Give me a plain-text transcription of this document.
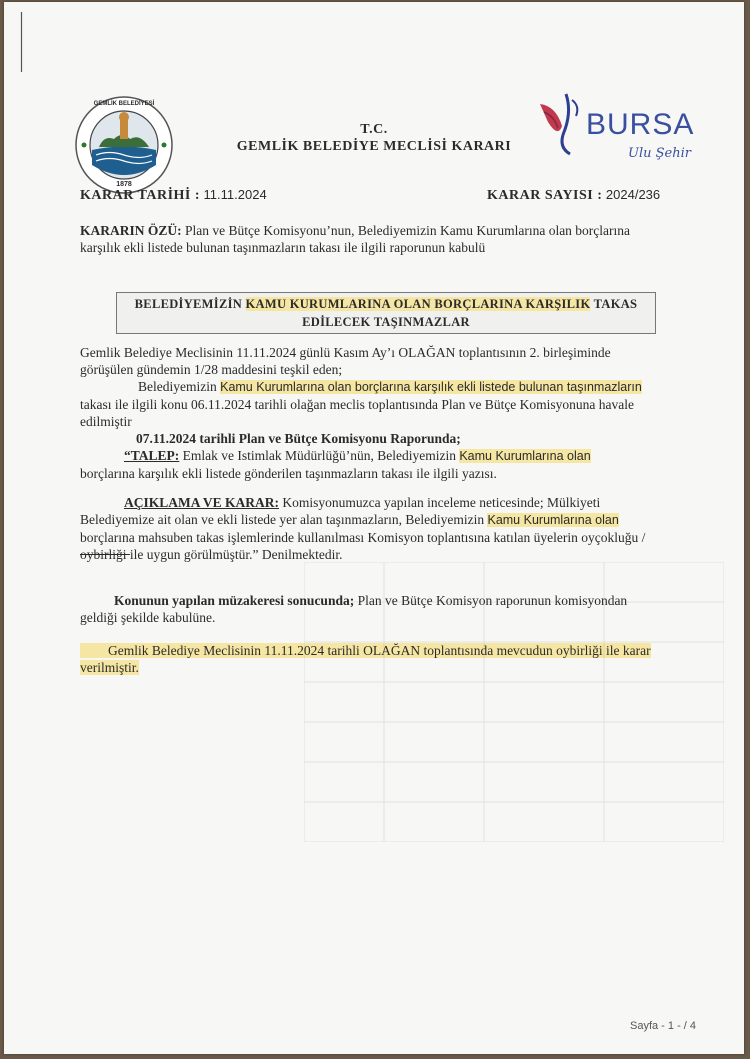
GEMLİK BELEDİYESİ
1878
BURSA
Ulu Şehir
T.C.
GEMLİK BELEDİYE MECLİSİ KARARI
KARAR TARİHİ : 11.11.2024	KARAR SAYISI : 2024/236
KARARIN ÖZÜ: Plan ve Bütçe Komisyonu’nun, Belediyemizin Kamu Kurumlarına olan borçlarına
karşılık ekli listede bulunan taşınmazların takası ile ilgili raporunun kabulü
BELEDİYEMİZİN KAMU KURUMLARINA OLAN BORÇLARINA KARŞILIK TAKAS
EDİLECEK TAŞINMAZLAR
Gemlik Belediye Meclisinin 11.11.2024 günlü Kasım Ay’ı OLAĞAN toplantısının 2. birleşiminde
görüşülen gündemin 1/28 maddesini teşkil eden;
Belediyemizin Kamu Kurumlarına olan borçlarına karşılık ekli listede bulunan taşınmazların
takası ile ilgili konu 06.11.2024 tarihli olağan meclis toplantısında Plan ve Bütçe Komisyonuna havale
edilmiştir
07.11.2024 tarihli Plan ve Bütçe Komisyonu Raporunda;
“TALEP: Emlak ve Istimlak Müdürlüğü’nün, Belediyemizin Kamu Kurumlarına olan
borçlarına karşılık ekli listede gönderilen taşınmazların takası ile ilgili yazısı.
AÇIKLAMA VE KARAR: Komisyonumuzca yapılan inceleme neticesinde; Mülkiyeti
Belediyemize ait olan ve ekli listede yer alan taşınmazların, Belediyemizin Kamu Kurumlarına olan
borçlarına mahsuben takas işlemlerinde kullanılması Komisyon toplantısına katılan üyelerin oyçokluğu /
oybirliği ile uygun görülmüştür.” Denilmektedir.
Konunun yapılan müzakeresi sonucunda; Plan ve Bütçe Komisyon raporunun komisyondan
geldiği şekilde kabulüne.
Gemlik Belediye Meclisinin 11.11.2024 tarihli OLAĞAN toplantısında mevcudun oybirliği ile karar
verilmiştir.
Sayfa - 1 - / 4
